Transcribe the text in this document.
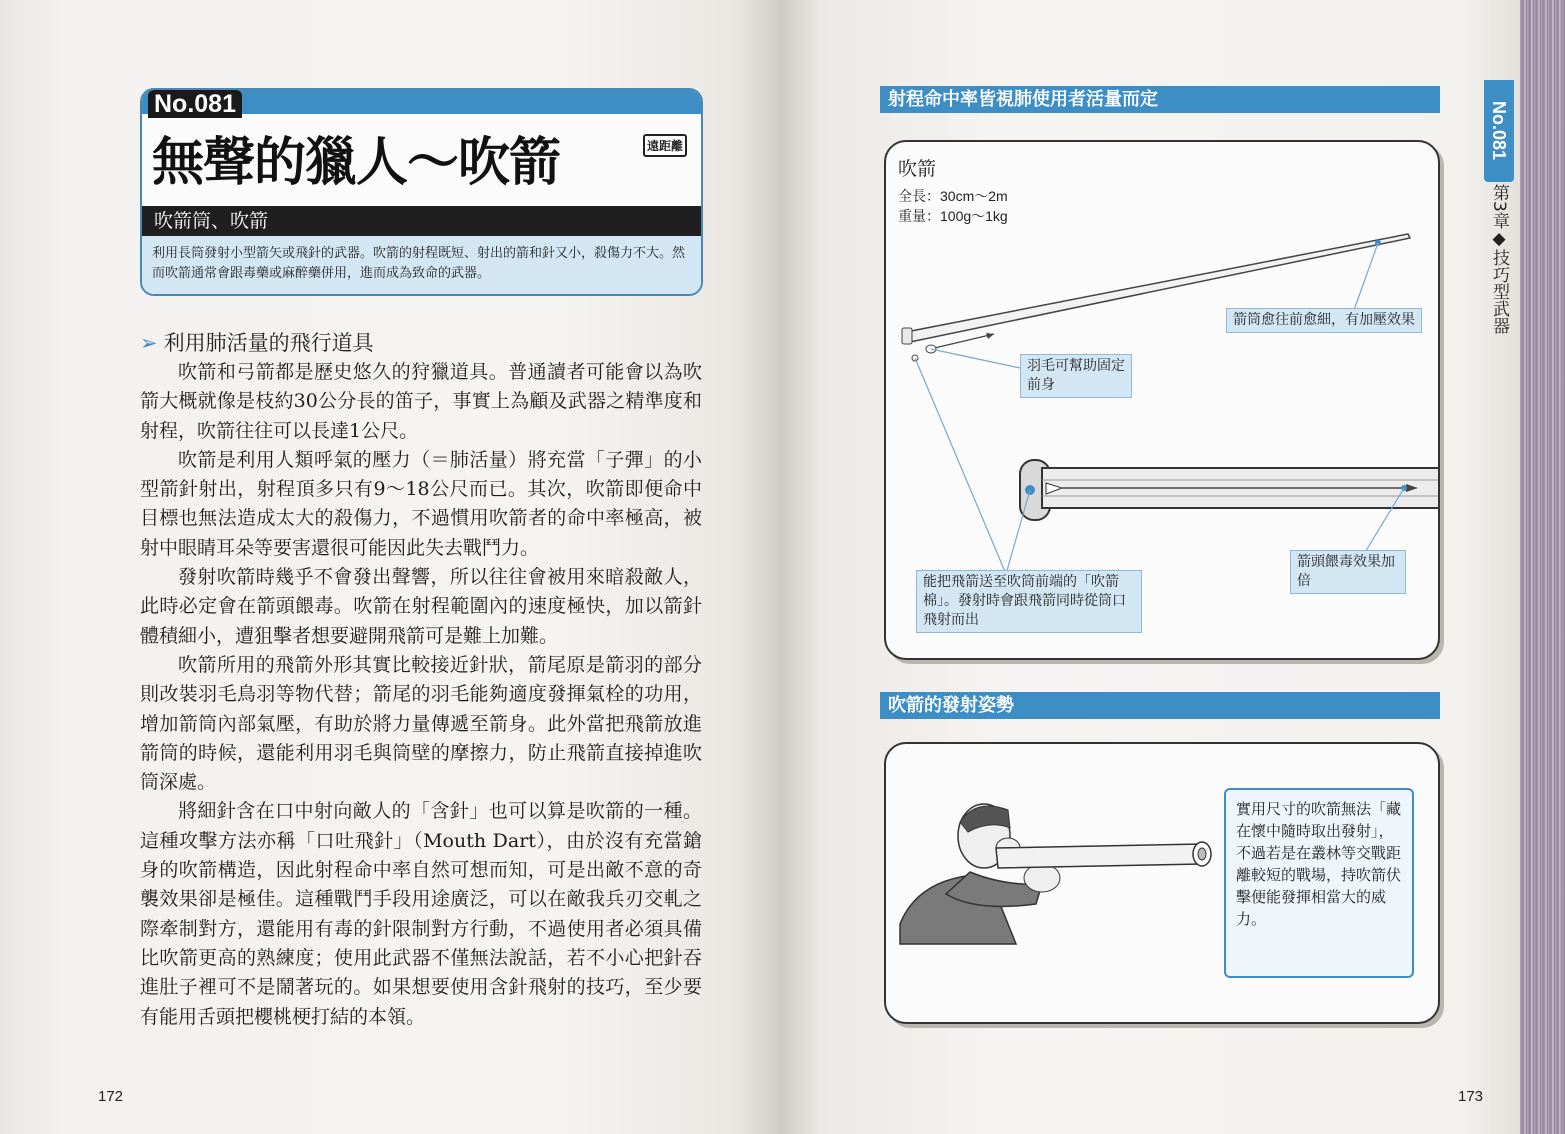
No.081
無聲的獵人～吹箭	遠距離
吹箭筒、吹箭
利用長筒發射小型箭矢或飛針的武器。吹箭的射程既短、射出的箭和針又小，殺傷力不大。然而吹箭通常會跟毒藥或麻醉藥併用，進而成為致命的武器。
➢ 利用肺活量的飛行道具

吹箭和弓箭都是歷史悠久的狩獵道具。普通讀者可能會以為吹箭大概就像是枝約30公分長的笛子，事實上為顧及武器之精準度和射程，吹箭往往可以長達1公尺。

吹箭是利用人類呼氣的壓力（＝肺活量）將充當「子彈」的小型箭針射出，射程頂多只有9～18公尺而已。其次，吹箭即便命中目標也無法造成太大的殺傷力，不過慣用吹箭者的命中率極高，被射中眼睛耳朵等要害還很可能因此失去戰鬥力。

發射吹箭時幾乎不會發出聲響，所以往往會被用來暗殺敵人，此時必定會在箭頭餵毒。吹箭在射程範圍內的速度極快，加以箭針體積細小，遭狙擊者想要避開飛箭可是難上加難。

吹箭所用的飛箭外形其實比較接近針狀，箭尾原是箭羽的部分則改裝羽毛鳥羽等物代替；箭尾的羽毛能夠適度發揮氣栓的功用，增加箭筒內部氣壓，有助於將力量傳遞至箭身。此外當把飛箭放進箭筒的時候，還能利用羽毛與筒壁的摩擦力，防止飛箭直接掉進吹筒深處。

將細針含在口中射向敵人的「含針」也可以算是吹箭的一種。這種攻擊方法亦稱「口吐飛針」（Mouth Dart），由於沒有充當鎗身的吹箭構造，因此射程命中率自然可想而知，可是出敵不意的奇襲效果卻是極佳。這種戰鬥手段用途廣泛，可以在敵我兵刃交軋之際牽制對方，還能用有毒的針限制對方行動，不過使用者必須具備比吹箭更高的熟練度；使用此武器不僅無法說話，若不小心把針吞進肚子裡可不是鬧著玩的。如果想要使用含針飛射的技巧，至少要有能用舌頭把櫻桃梗打結的本領。

172
射程命中率皆視肺使用者活量而定
吹箭
全長：30cm～2m
重量：100g～1kg
箭筒愈往前愈細，有加壓效果
羽毛可幫助固定前身
箭頭餵毒效果加倍
能把飛箭送至吹筒前端的「吹箭棉」。發射時會跟飛箭同時從筒口飛射而出
吹箭的發射姿勢
實用尺寸的吹箭無法「藏在懷中隨時取出發射」，不過若是在叢林等交戰距離較短的戰場，持吹箭伏擊便能發揮相當大的威力。
No.081
第3章◆技巧型武器
173
